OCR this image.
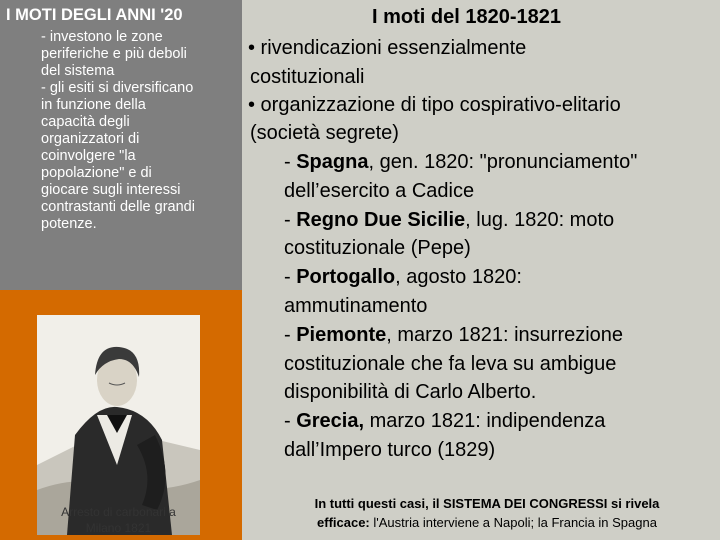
I MOTI DEGLI ANNI '20
- investono le zone
periferiche e più deboli
del sistema
- gli esiti si diversificano
in funzione della
capacità degli
organizzatori di
coinvolgere "la
popolazione" e di
giocare sugli interessi
contrastanti delle grandi
potenze.
Arresto di carbonari a
Milano 1821
I moti del 1820-1821
• rivendicazioni essenzialmente
costituzionali
• organizzazione di tipo cospirativo-elitario
(società segrete)
- Spagna, gen. 1820: "pronunciamento"
dell’esercito a Cadice
- Regno Due Sicilie, lug. 1820: moto
costituzionale (Pepe)
- Portogallo, agosto 1820:
ammutinamento
- Piemonte, marzo 1821: insurrezione
costituzionale che fa leva su ambigue
disponibilità di Carlo Alberto.
- Grecia, marzo 1821: indipendenza
dall’Impero turco (1829)
In tutti questi casi, il SISTEMA DEI CONGRESSI si rivela
efficace: l'Austria interviene a Napoli; la Francia in Spagna
